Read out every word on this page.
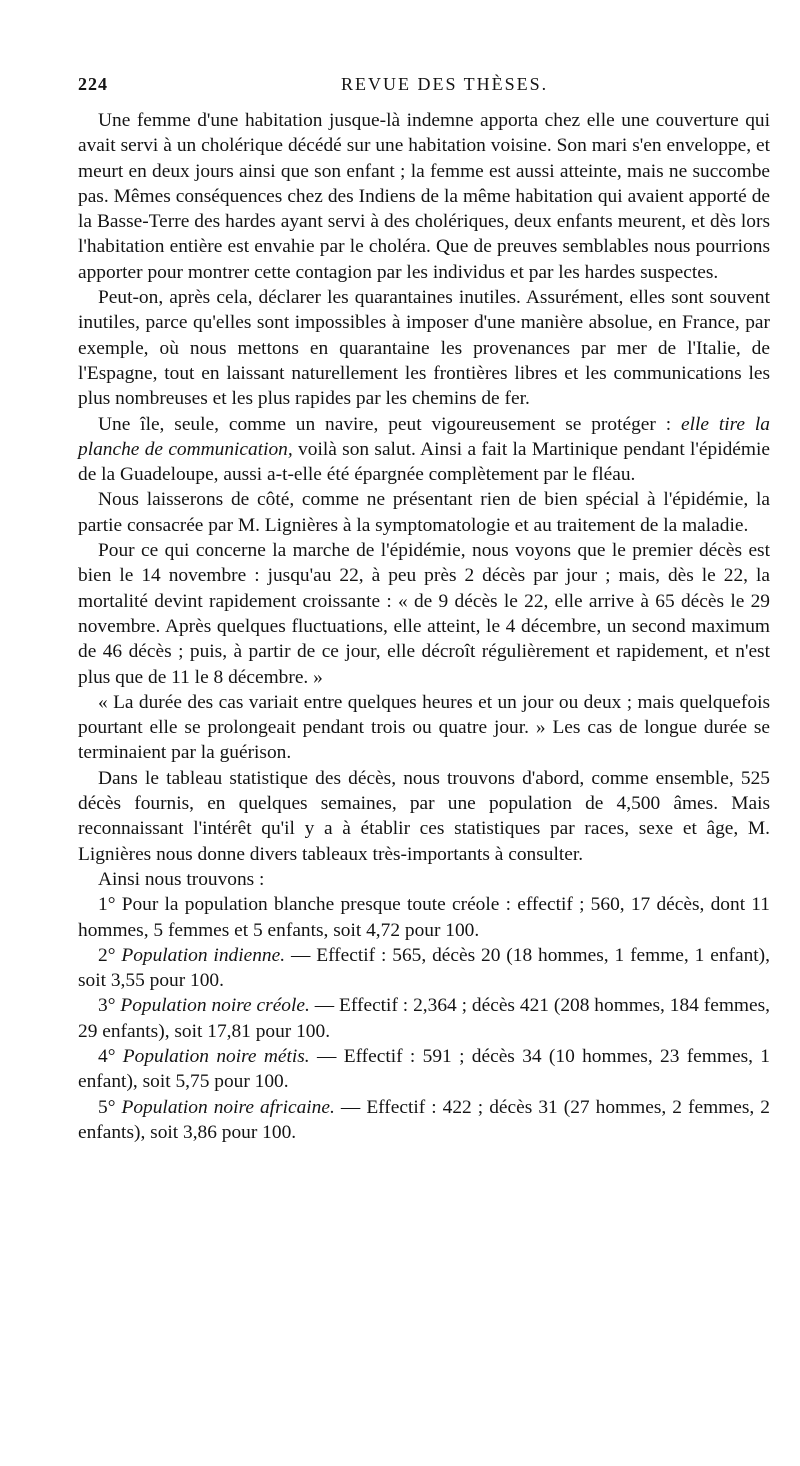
224	REVUE DES THÈSES.

Une femme d'une habitation jusque-là indemne apporta chez elle une couverture qui avait servi à un cholérique décédé sur une habitation voisine. Son mari s'en enveloppe, et meurt en deux jours ainsi que son enfant ; la femme est aussi atteinte, mais ne succombe pas. Mêmes conséquences chez des Indiens de la même habitation qui avaient apporté de la Basse-Terre des hardes ayant servi à des cholériques, deux enfants meurent, et dès lors l'habitation entière est envahie par le choléra. Que de preuves semblables nous pourrions apporter pour montrer cette contagion par les individus et par les hardes suspectes.

Peut-on, après cela, déclarer les quarantaines inutiles. Assurément, elles sont souvent inutiles, parce qu'elles sont impossibles à imposer d'une manière absolue, en France, par exemple, où nous mettons en quarantaine les provenances par mer de l'Italie, de l'Espagne, tout en laissant naturellement les frontières libres et les communications les plus nombreuses et les plus rapides par les chemins de fer.

Une île, seule, comme un navire, peut vigoureusement se protéger : elle tire la planche de communication, voilà son salut. Ainsi a fait la Martinique pendant l'épidémie de la Guadeloupe, aussi a-t-elle été épargnée complètement par le fléau.

Nous laisserons de côté, comme ne présentant rien de bien spécial à l'épidémie, la partie consacrée par M. Lignières à la symptomatologie et au traitement de la maladie.

Pour ce qui concerne la marche de l'épidémie, nous voyons que le premier décès est bien le 14 novembre : jusqu'au 22, à peu près 2 décès par jour ; mais, dès le 22, la mortalité devint rapidement croissante : « de 9 décès le 22, elle arrive à 65 décès le 29 novembre. Après quelques fluctuations, elle atteint, le 4 décembre, un second maximum de 46 décès ; puis, à partir de ce jour, elle décroît régulièrement et rapidement, et n'est plus que de 11 le 8 décembre. »

« La durée des cas variait entre quelques heures et un jour ou deux ; mais quelquefois pourtant elle se prolongeait pendant trois ou quatre jour. » Les cas de longue durée se terminaient par la guérison.

Dans le tableau statistique des décès, nous trouvons d'abord, comme ensemble, 525 décès fournis, en quelques semaines, par une population de 4,500 âmes. Mais reconnaissant l'intérêt qu'il y a à établir ces statistiques par races, sexe et âge, M. Lignières nous donne divers tableaux très-importants à consulter.

Ainsi nous trouvons :

1° Pour la population blanche presque toute créole : effectif ; 560, 17 décès, dont 11 hommes, 5 femmes et 5 enfants, soit 4,72 pour 100.

2° Population indienne. — Effectif : 565, décès 20 (18 hommes, 1 femme, 1 enfant), soit 3,55 pour 100.

3° Population noire créole. — Effectif : 2,364 ; décès 421 (208 hommes, 184 femmes, 29 enfants), soit 17,81 pour 100.

4° Population noire métis. — Effectif : 591 ; décès 34 (10 hommes, 23 femmes, 1 enfant), soit 5,75 pour 100.

5° Population noire africaine. — Effectif : 422 ; décès 31 (27 hommes, 2 femmes, 2 enfants), soit 3,86 pour 100.
